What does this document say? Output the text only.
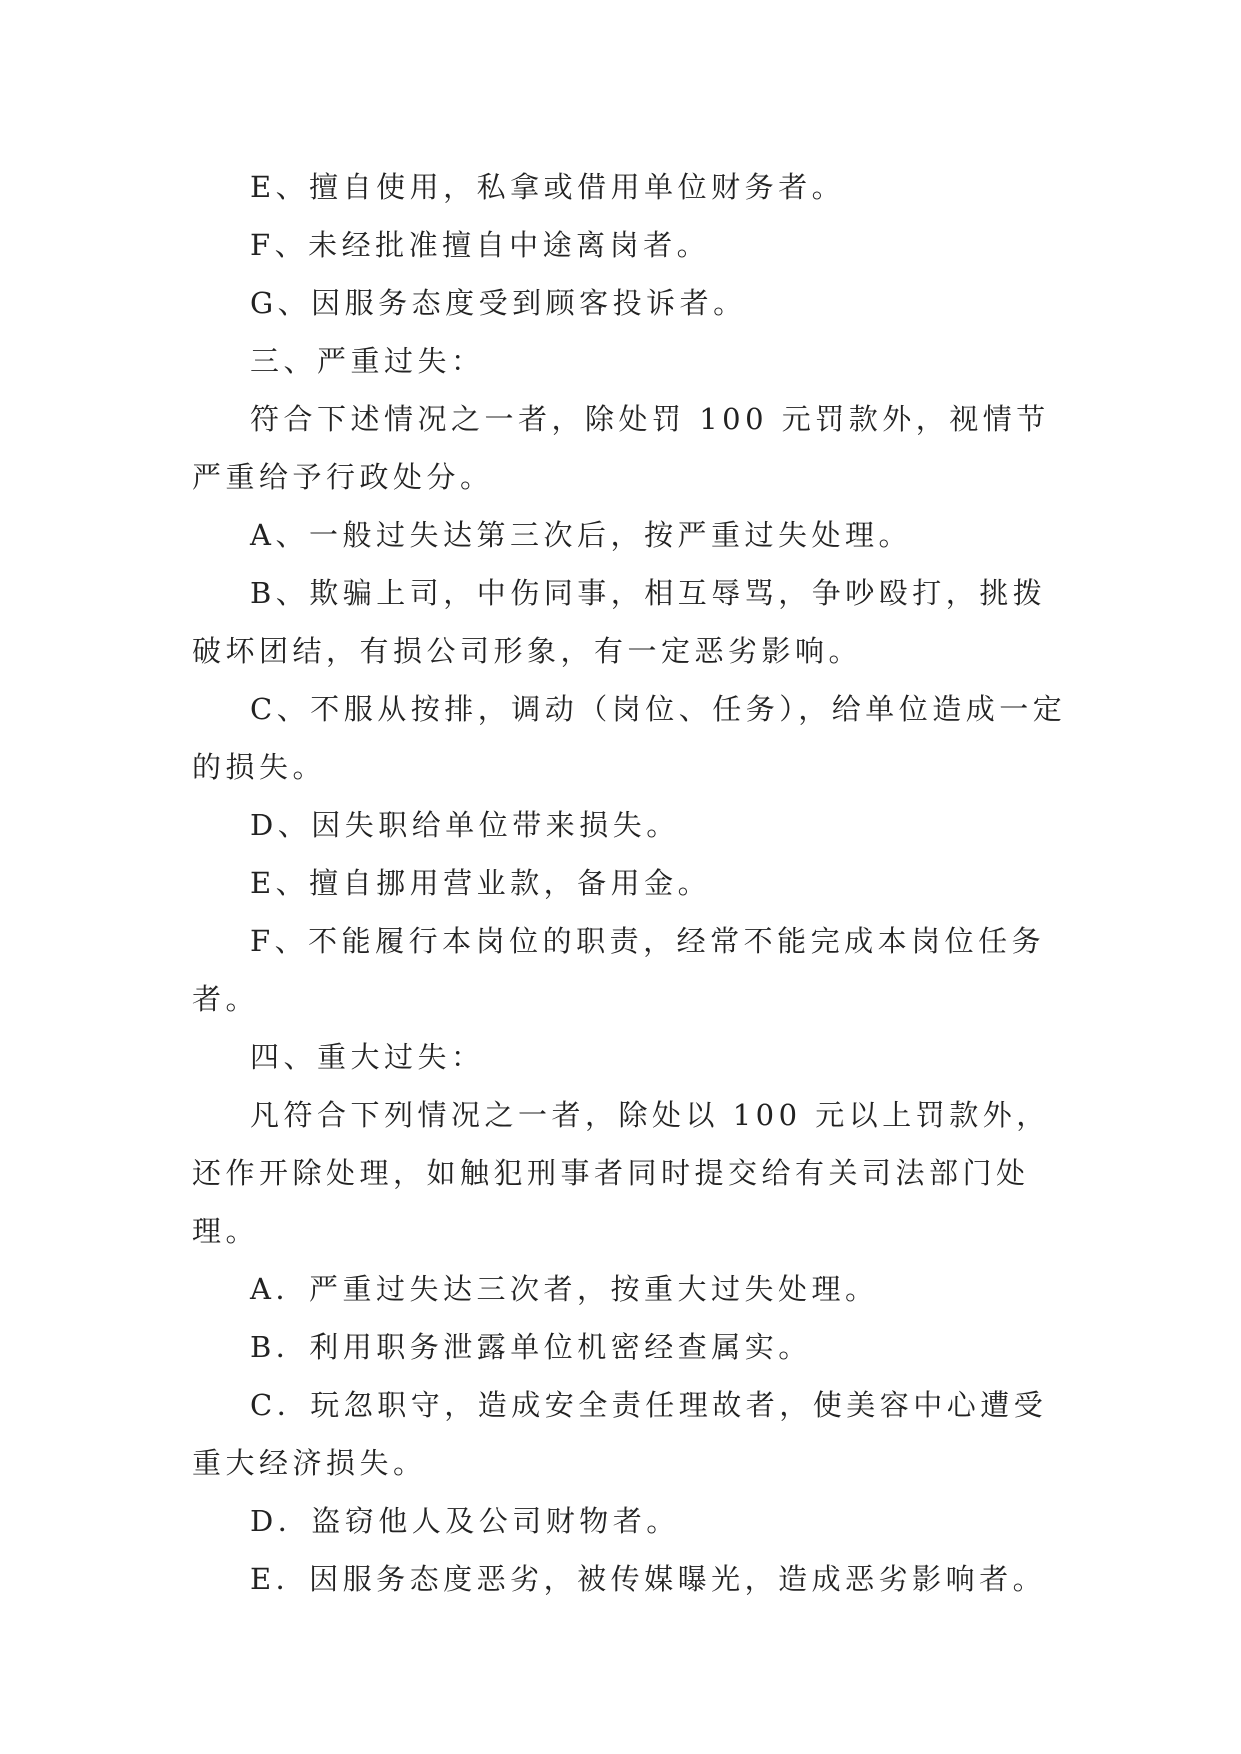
E、擅自使用，私拿或借用单位财务者。

F、未经批准擅自中途离岗者。

G、因服务态度受到顾客投诉者。

三、严重过失：

符合下述情况之一者，除处罚 100 元罚款外，视情节严重给予行政处分。

A、一般过失达第三次后，按严重过失处理。

B、欺骗上司，中伤同事，相互辱骂，争吵殴打，挑拨破坏团结，有损公司形象，有一定恶劣影响。

C、不服从按排，调动（岗位、任务），给单位造成一定的损失。

D、因失职给单位带来损失。

E、擅自挪用营业款，备用金。

F、不能履行本岗位的职责，经常不能完成本岗位任务者。

四、重大过失：

凡符合下列情况之一者，除处以 100 元以上罚款外，还作开除处理，如触犯刑事者同时提交给有关司法部门处理。

A．严重过失达三次者，按重大过失处理。

B．利用职务泄露单位机密经查属实。

C．玩忽职守，造成安全责任理故者，使美容中心遭受重大经济损失。

D．盗窃他人及公司财物者。

E．因服务态度恶劣，被传媒曝光，造成恶劣影响者。
